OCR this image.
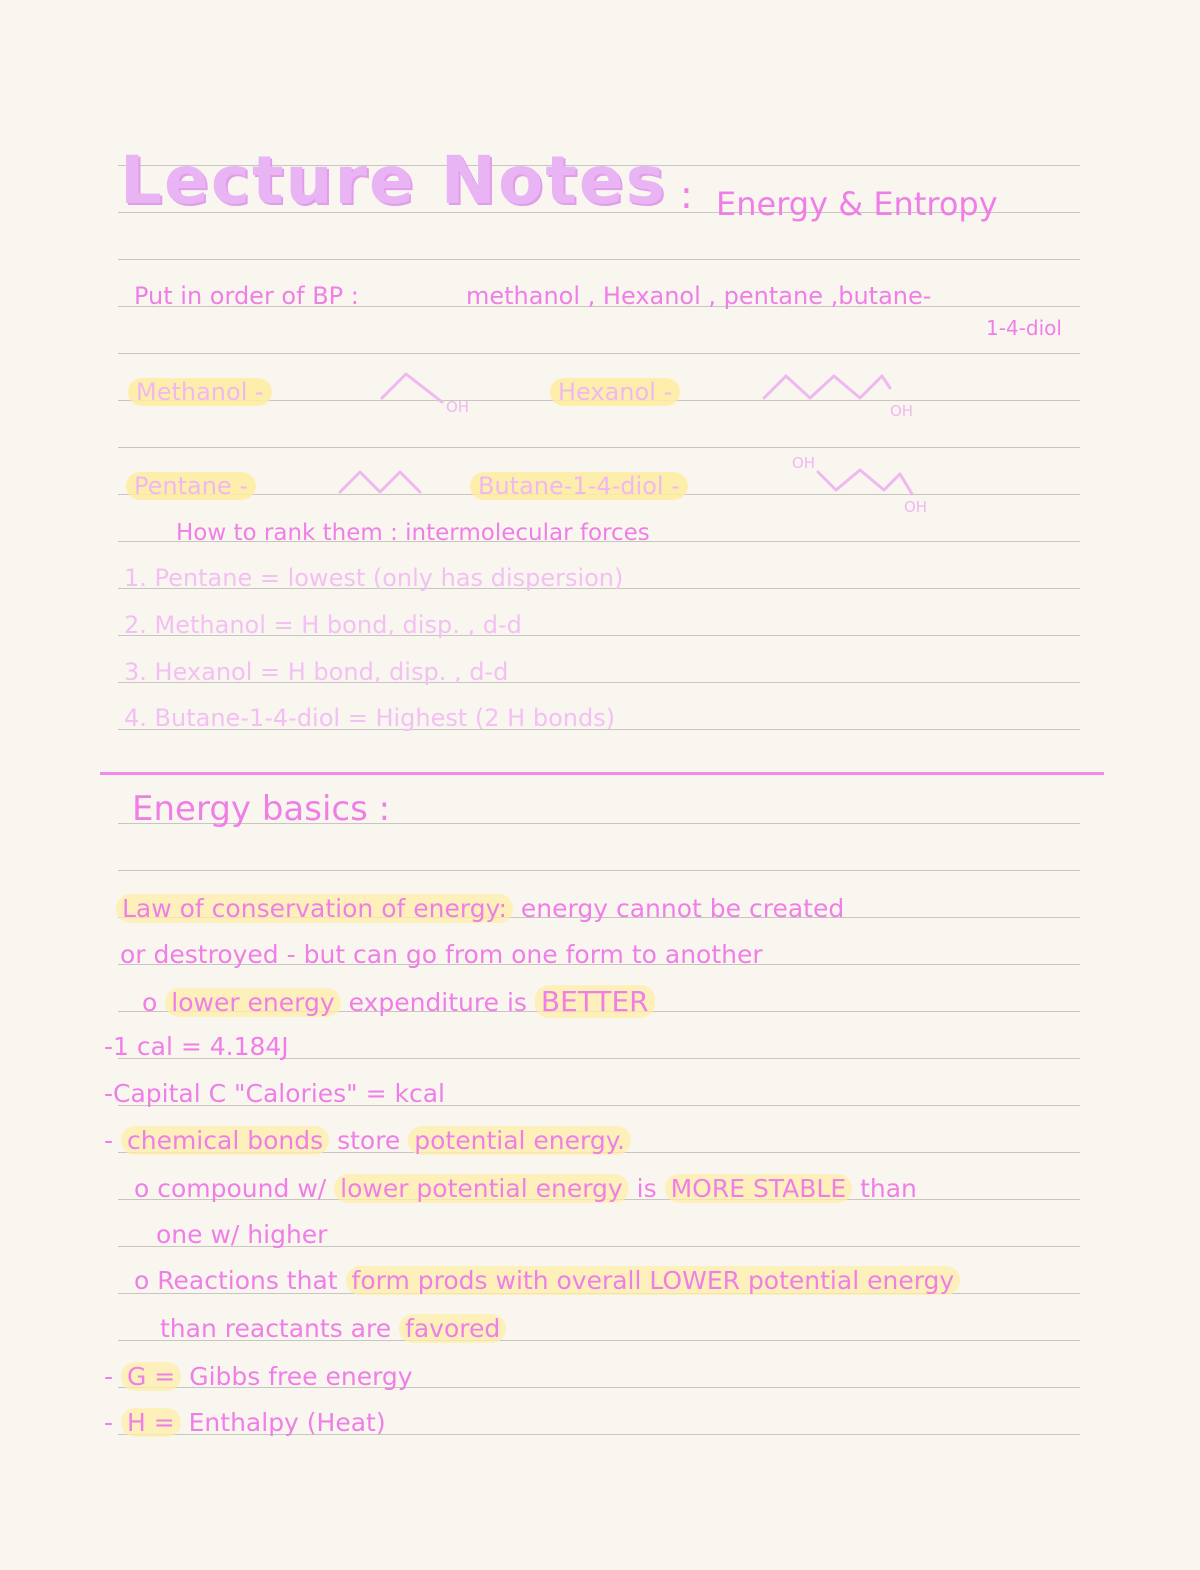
Lecture Notes : Energy & Entropy
Put in order of BP :	methanol , Hexanol , pentane ,butane-
1-4-diol
Methanol -
OH
Hexanol -
OH
Pentane -	Butane-1-4-diol -
OH
OH
How to rank them : intermolecular forces
1. Pentane = lowest (only has dispersion)
2. Methanol = H bond, disp. , d-d
3. Hexanol = H bond, disp. , d-d
4. Butane-1-4-diol = Highest (2 H bonds)
Energy basics :
Law of conservation of energy: energy cannot be created
or destroyed - but can go from one form to another
o lower energy expenditure is BETTER
-1 cal = 4.184J
-Capital C "Calories" = kcal
- chemical bonds store potential energy.
o compound w/ lower potential energy is MORE STABLE than
one w/ higher
o Reactions that form prods with overall LOWER potential energy
than reactants are favored
- G = Gibbs free energy
- H = Enthalpy (Heat)
